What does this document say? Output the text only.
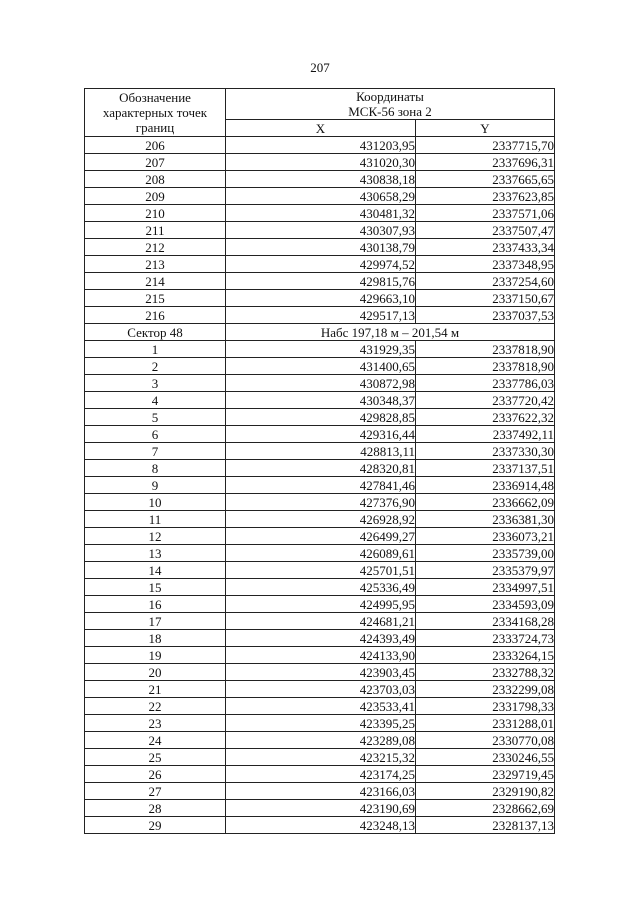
207
Обозначение
характерных точек
границ	Координаты
МСК-56 зона 2	

	X	Y
206	431203,95	2337715,70
207	431020,30	2337696,31
208	430838,18	2337665,65
209	430658,29	2337623,85
210	430481,32	2337571,06
211	430307,93	2337507,47
212	430138,79	2337433,34
213	429974,52	2337348,95
214	429815,76	2337254,60
215	429663,10	2337150,67
216	429517,13	2337037,53
Сектор 48	Набс 197,18 м – 201,54 м	
1	431929,35	2337818,90
2	431400,65	2337818,90
3	430872,98	2337786,03
4	430348,37	2337720,42
5	429828,85	2337622,32
6	429316,44	2337492,11
7	428813,11	2337330,30
8	428320,81	2337137,51
9	427841,46	2336914,48
10	427376,90	2336662,09
11	426928,92	2336381,30
12	426499,27	2336073,21
13	426089,61	2335739,00
14	425701,51	2335379,97
15	425336,49	2334997,51
16	424995,95	2334593,09
17	424681,21	2334168,28
18	424393,49	2333724,73
19	424133,90	2333264,15
20	423903,45	2332788,32
21	423703,03	2332299,08
22	423533,41	2331798,33
23	423395,25	2331288,01
24	423289,08	2330770,08
25	423215,32	2330246,55
26	423174,25	2329719,45
27	423166,03	2329190,82
28	423190,69	2328662,69
29	423248,13	2328137,13
